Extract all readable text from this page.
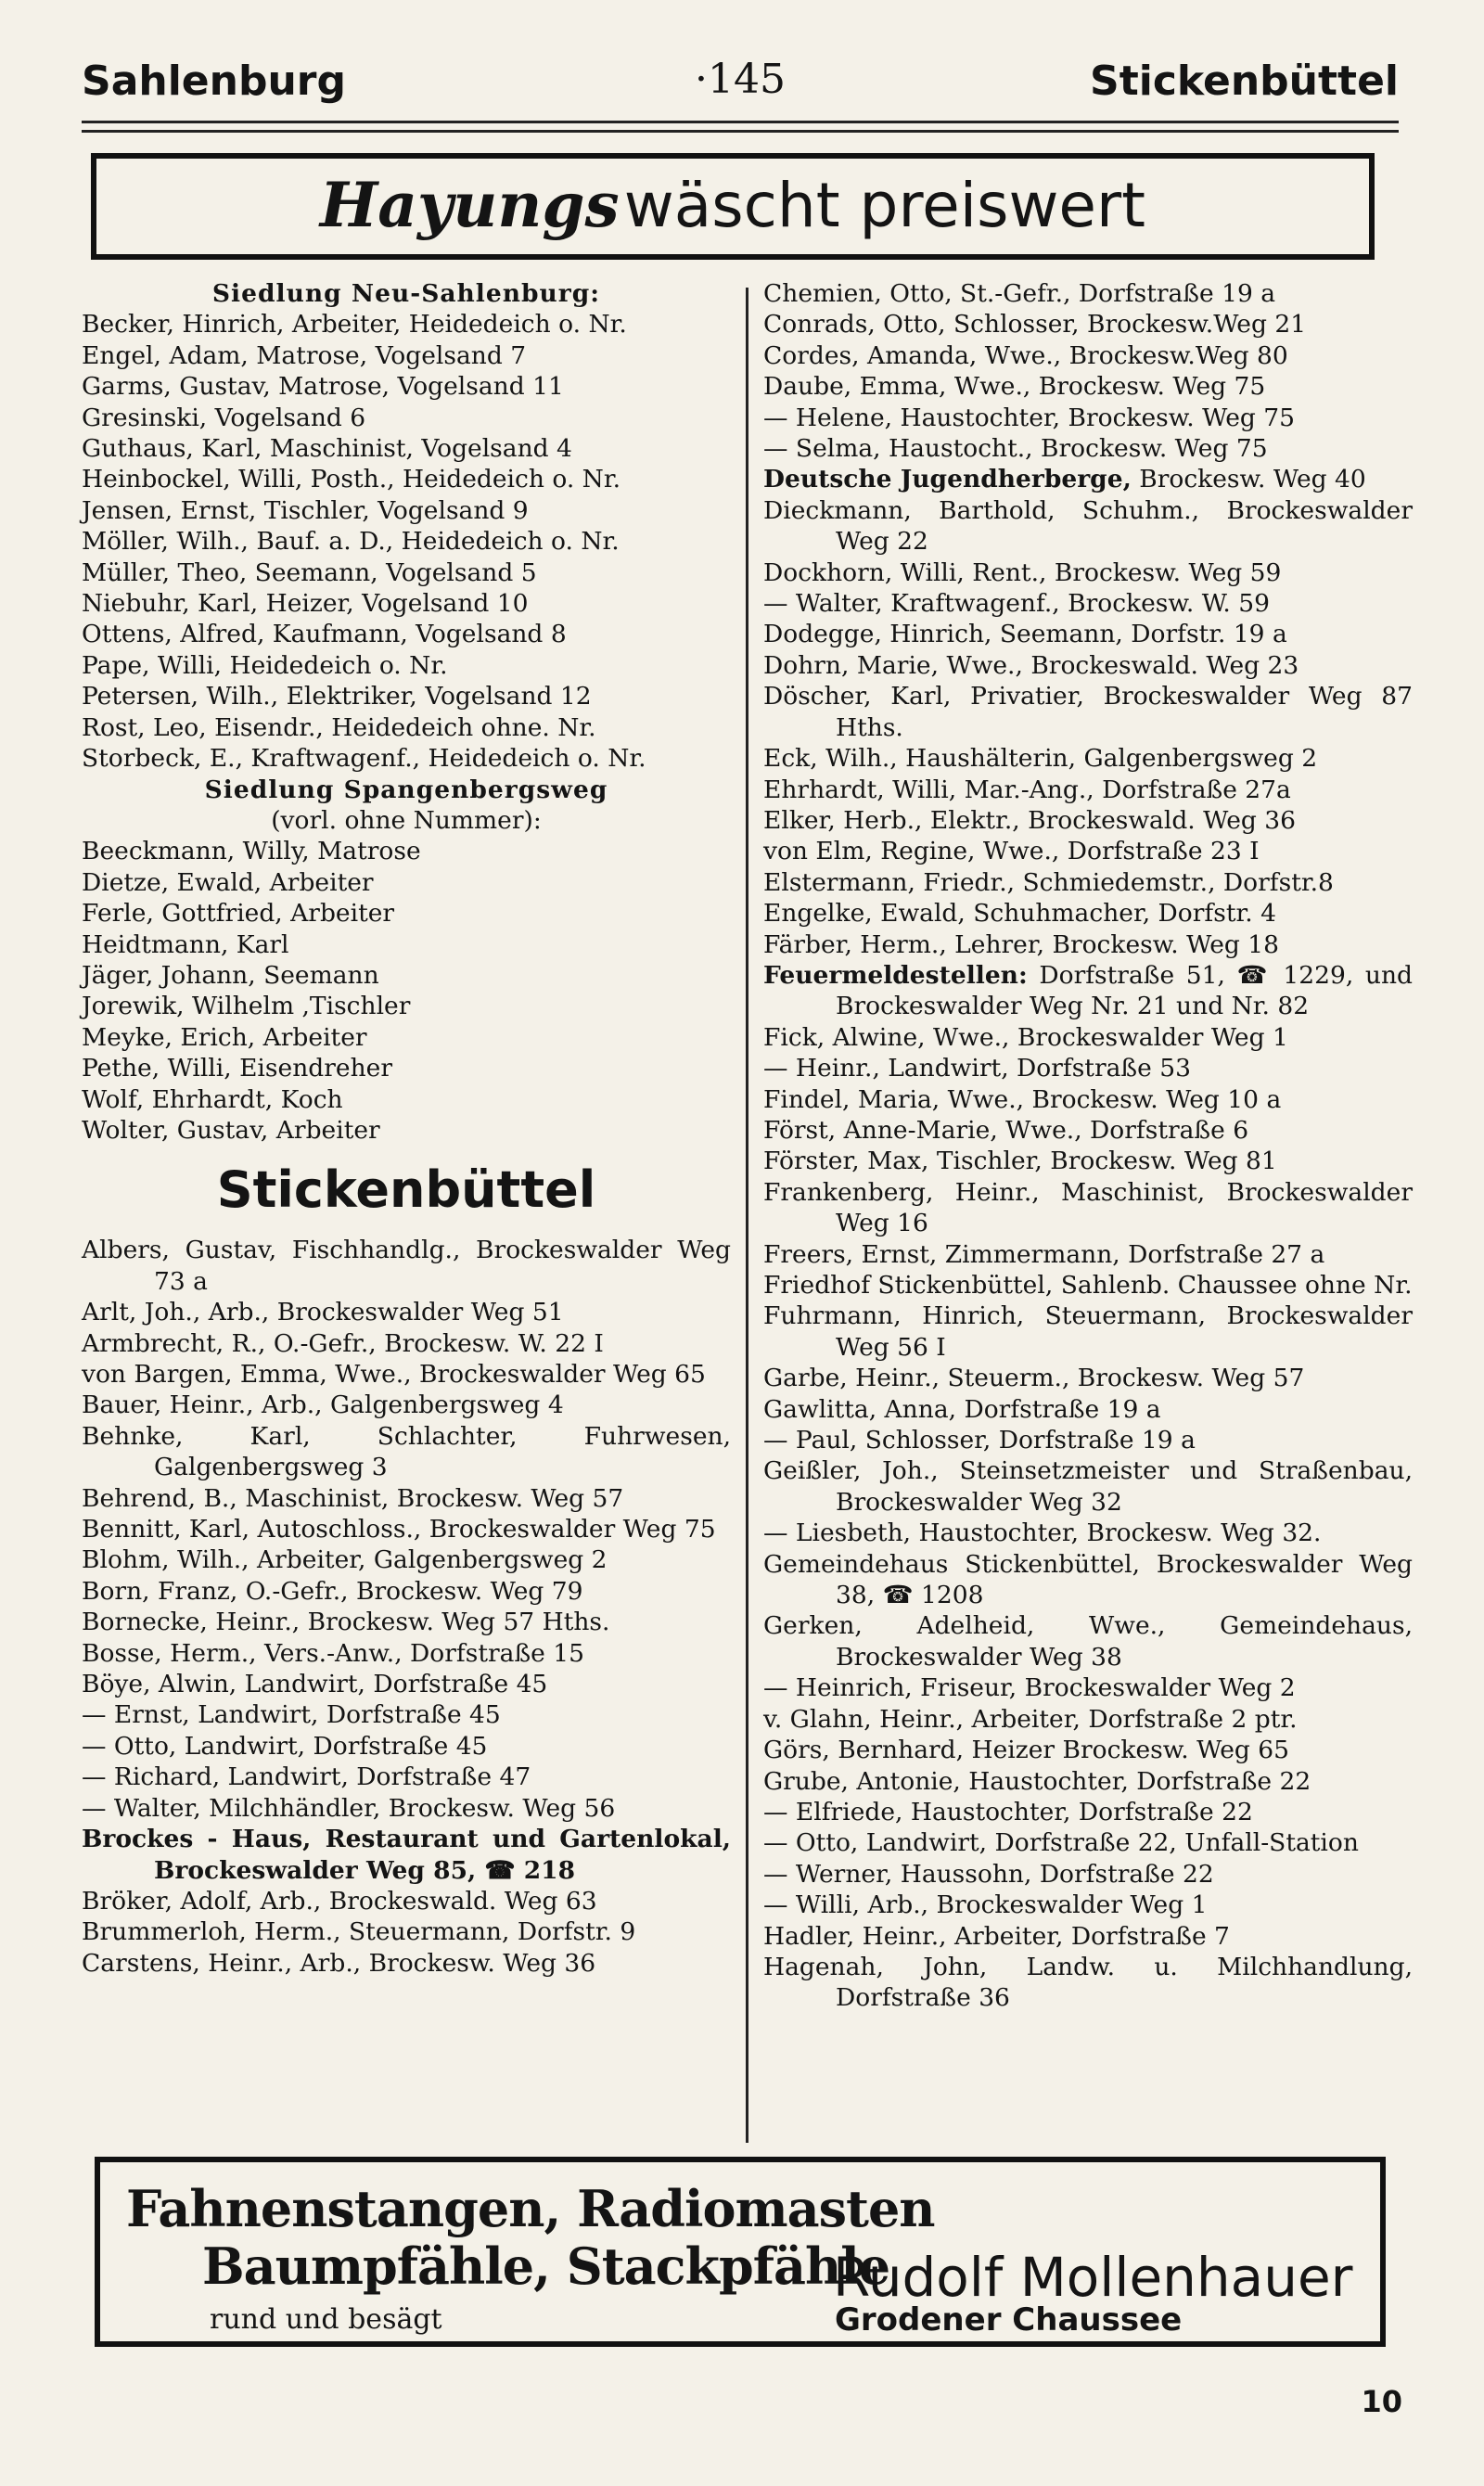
Sahlenburg	·145	Stickenbüttel
Hayungs wäscht preiswert
Siedlung Neu-Sahlenburg:
Becker, Hinrich, Arbeiter, Heidedeich o. Nr.
Engel, Adam, Matrose, Vogelsand 7
Garms, Gustav, Matrose, Vogelsand 11
Gresinski, Vogelsand 6
Guthaus, Karl, Maschinist, Vogelsand 4
Heinbockel, Willi, Posth., Heidedeich o. Nr.
Jensen, Ernst, Tischler, Vogelsand 9
Möller, Wilh., Bauf. a. D., Heidedeich o. Nr.
Müller, Theo, Seemann, Vogelsand 5
Niebuhr, Karl, Heizer, Vogelsand 10
Ottens, Alfred, Kaufmann, Vogelsand 8
Pape, Willi, Heidedeich o. Nr.
Petersen, Wilh., Elektriker, Vogelsand 12
Rost, Leo, Eisendr., Heidedeich ohne. Nr.
Storbeck, E., Kraftwagenf., Heidedeich o. Nr.
Siedlung Spangenbergsweg
(vorl. ohne Nummer):
Beeckmann, Willy, Matrose
Dietze, Ewald, Arbeiter
Ferle, Gottfried, Arbeiter
Heidtmann, Karl
Jäger, Johann, Seemann
Jorewik, Wilhelm ,Tischler
Meyke, Erich, Arbeiter
Pethe, Willi, Eisendreher
Wolf, Ehrhardt, Koch
Wolter, Gustav, Arbeiter
Stickenbüttel
Albers, Gustav, Fischhandlg., Brockeswalder Weg 73 a
Arlt, Joh., Arb., Brockeswalder Weg 51
Armbrecht, R., O.-Gefr., Brockesw. W. 22 I
von Bargen, Emma, Wwe., Brockeswalder Weg 65
Bauer, Heinr., Arb., Galgenbergsweg 4
Behnke, Karl, Schlachter, Fuhrwesen, Galgenbergsweg 3
Behrend, B., Maschinist, Brockesw. Weg 57
Bennitt, Karl, Autoschloss., Brockeswalder Weg 75
Blohm, Wilh., Arbeiter, Galgenbergsweg 2
Born, Franz, O.-Gefr., Brockesw. Weg 79
Bornecke, Heinr., Brockesw. Weg 57 Hths.
Bosse, Herm., Vers.-Anw., Dorfstraße 15
Böye, Alwin, Landwirt, Dorfstraße 45
— Ernst, Landwirt, Dorfstraße 45
— Otto, Landwirt, Dorfstraße 45
— Richard, Landwirt, Dorfstraße 47
— Walter, Milchhändler, Brockesw. Weg 56
Brockes - Haus, Restaurant und Gartenlokal, Brockeswalder Weg 85, ☎ 218
Bröker, Adolf, Arb., Brockeswald. Weg 63
Brummerloh, Herm., Steuermann, Dorfstr. 9
Carstens, Heinr., Arb., Brockesw. Weg 36
Chemien, Otto, St.-Gefr., Dorfstraße 19 a
Conrads, Otto, Schlosser, Brockesw.Weg 21
Cordes, Amanda, Wwe., Brockesw.Weg 80
Daube, Emma, Wwe., Brockesw. Weg 75
— Helene, Haustochter, Brockesw. Weg 75
— Selma, Haustocht., Brockesw. Weg 75
Deutsche Jugendherberge, Brockesw. Weg 40
Dieckmann, Barthold, Schuhm., Brockeswalder Weg 22
Dockhorn, Willi, Rent., Brockesw. Weg 59
— Walter, Kraftwagenf., Brockesw. W. 59
Dodegge, Hinrich, Seemann, Dorfstr. 19 a
Dohrn, Marie, Wwe., Brockeswald. Weg 23
Döscher, Karl, Privatier, Brockeswalder Weg 87 Hths.
Eck, Wilh., Haushälterin, Galgenbergsweg 2
Ehrhardt, Willi, Mar.-Ang., Dorfstraße 27a
Elker, Herb., Elektr., Brockeswald. Weg 36
von Elm, Regine, Wwe., Dorfstraße 23 I
Elstermann, Friedr., Schmiedemstr., Dorfstr.8
Engelke, Ewald, Schuhmacher, Dorfstr. 4
Färber, Herm., Lehrer, Brockesw. Weg 18
Feuermeldestellen: Dorfstraße 51, ☎ 1229, und Brockeswalder Weg Nr. 21 und Nr. 82
Fick, Alwine, Wwe., Brockeswalder Weg 1
— Heinr., Landwirt, Dorfstraße 53
Findel, Maria, Wwe., Brockesw. Weg 10 a
Först, Anne-Marie, Wwe., Dorfstraße 6
Förster, Max, Tischler, Brockesw. Weg 81
Frankenberg, Heinr., Maschinist, Brockeswalder Weg 16
Freers, Ernst, Zimmermann, Dorfstraße 27 a
Friedhof Stickenbüttel, Sahlenb. Chaussee ohne Nr.
Fuhrmann, Hinrich, Steuermann, Brockeswalder Weg 56 I
Garbe, Heinr., Steuerm., Brockesw. Weg 57
Gawlitta, Anna, Dorfstraße 19 a
— Paul, Schlosser, Dorfstraße 19 a
Geißler, Joh., Steinsetzmeister und Straßenbau, Brockeswalder Weg 32
— Liesbeth, Haustochter, Brockesw. Weg 32.
Gemeindehaus Stickenbüttel, Brockeswalder Weg 38, ☎ 1208
Gerken, Adelheid, Wwe., Gemeindehaus, Brockeswalder Weg 38
— Heinrich, Friseur, Brockeswalder Weg 2
v. Glahn, Heinr., Arbeiter, Dorfstraße 2 ptr.
Görs, Bernhard, Heizer Brockesw. Weg 65
Grube, Antonie, Haustochter, Dorfstraße 22
— Elfriede, Haustochter, Dorfstraße 22
— Otto, Landwirt, Dorfstraße 22, Unfall-Station
— Werner, Haussohn, Dorfstraße 22
— Willi, Arb., Brockeswalder Weg 1
Hadler, Heinr., Arbeiter, Dorfstraße 7
Hagenah, John, Landw. u. Milchhandlung, Dorfstraße 36
Fahnenstangen, Radiomasten
Baumpfähle, Stackpfähle
rund und besägt
Rudolf Mollenhauer
Grodener Chaussee
10
